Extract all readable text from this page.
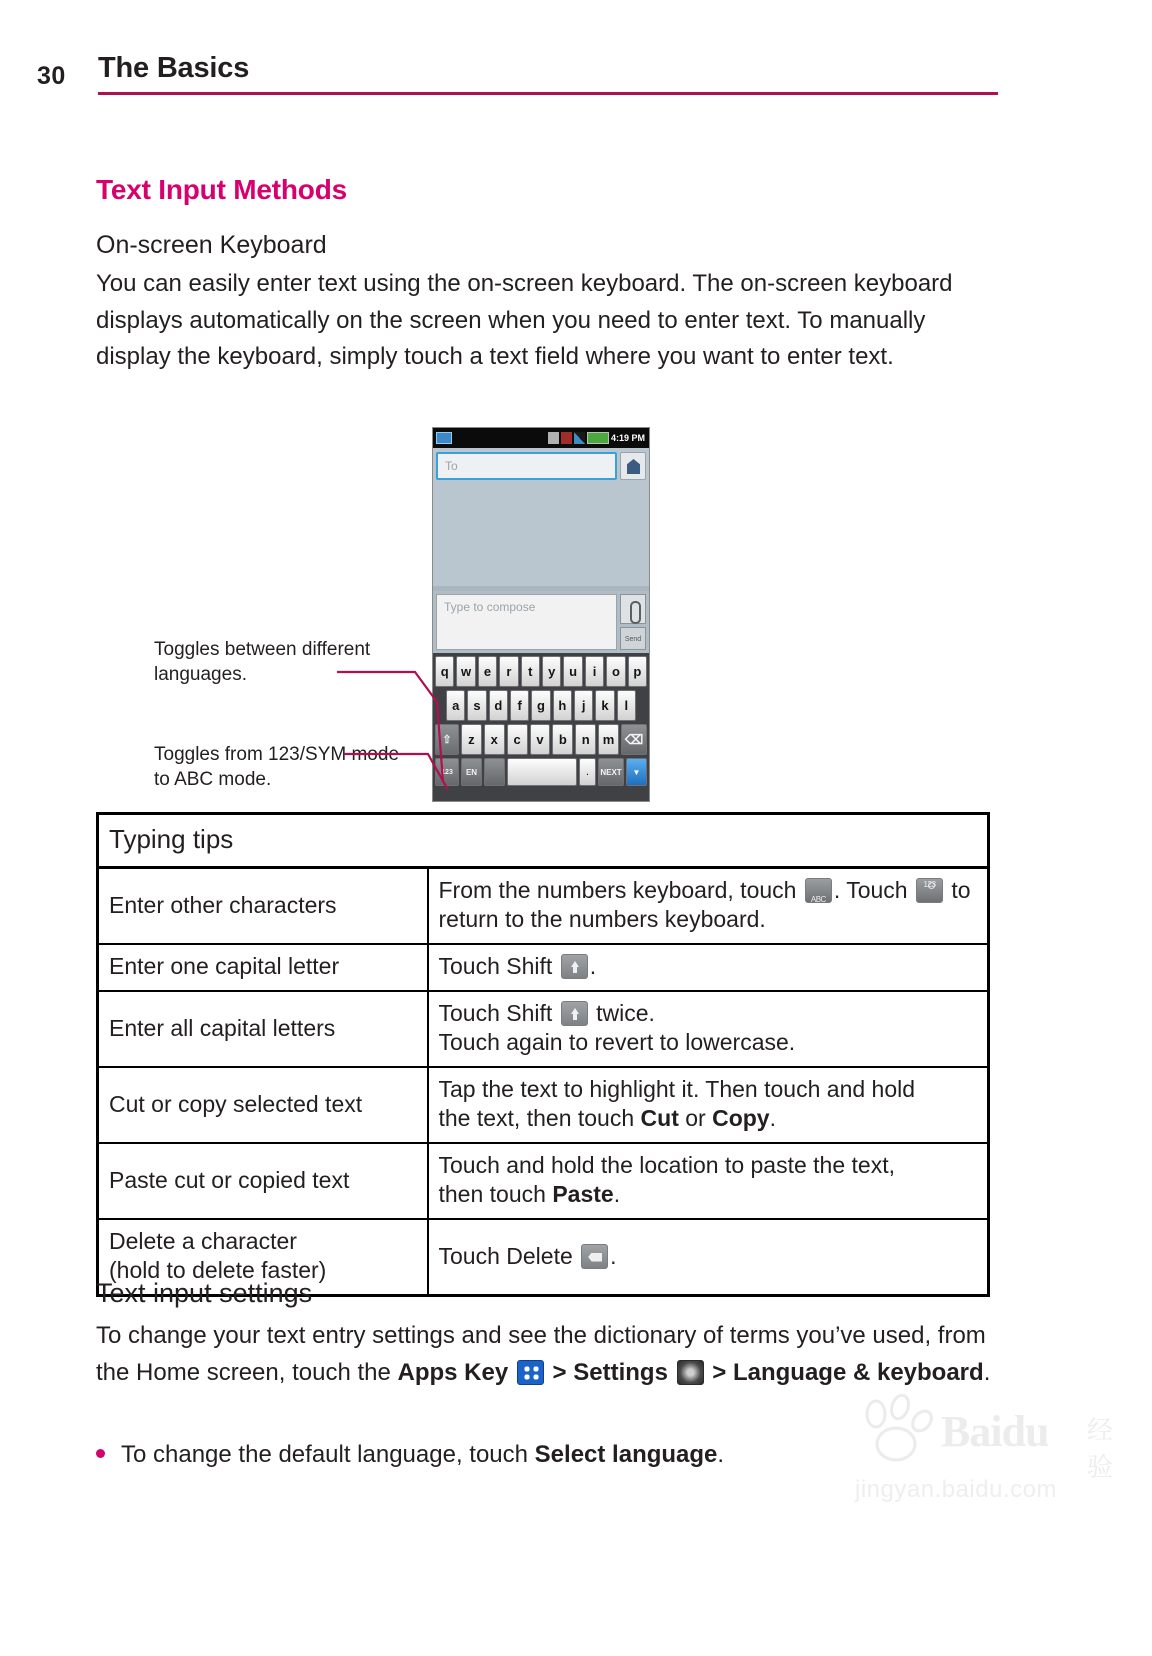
30 The Basics
Text Input Methods
On-screen Keyboard
You can easily enter text using the on-screen keyboard. The on-screen keyboard displays automatically on the screen when you need to enter text. To manually display the keyboard, simply touch a text field where you want to enter text.
4:19 PM
To
Type to compose
Send
q w e	r	t	y	u	i	o	p
a	s	d	f	g	h	j	k	l
⇧	z	x	c	v	b	n	m ⌫
123	EN	.	NEXT	▼
Toggles between different languages.
Toggles from 123/SYM mode to ABC mode.
Typing tips	
Enter other characters	From the numbers keyboard, touch ABC . Touch 123 to return to the numbers keyboard.
Enter one capital letter	Touch Shift .
Enter all capital letters	Touch Shift twice.
Touch again to revert to lowercase.

Cut or copy selected text	Tap the text to highlight it. Then touch and hold
the text, then touch Cut or Copy.

Paste cut or copied text	Touch and hold the location to paste the text,
then touch Paste.

Delete a character
(hold to delete faster)	Touch Delete .
Text input settings
To change your text entry settings and see the dictionary of terms you’ve used, from the Home screen, touch the Apps Key > Settings > Language & keyboard.
To change the default language, touch Select language.	Baidu 经验
jingyan.baidu.com
